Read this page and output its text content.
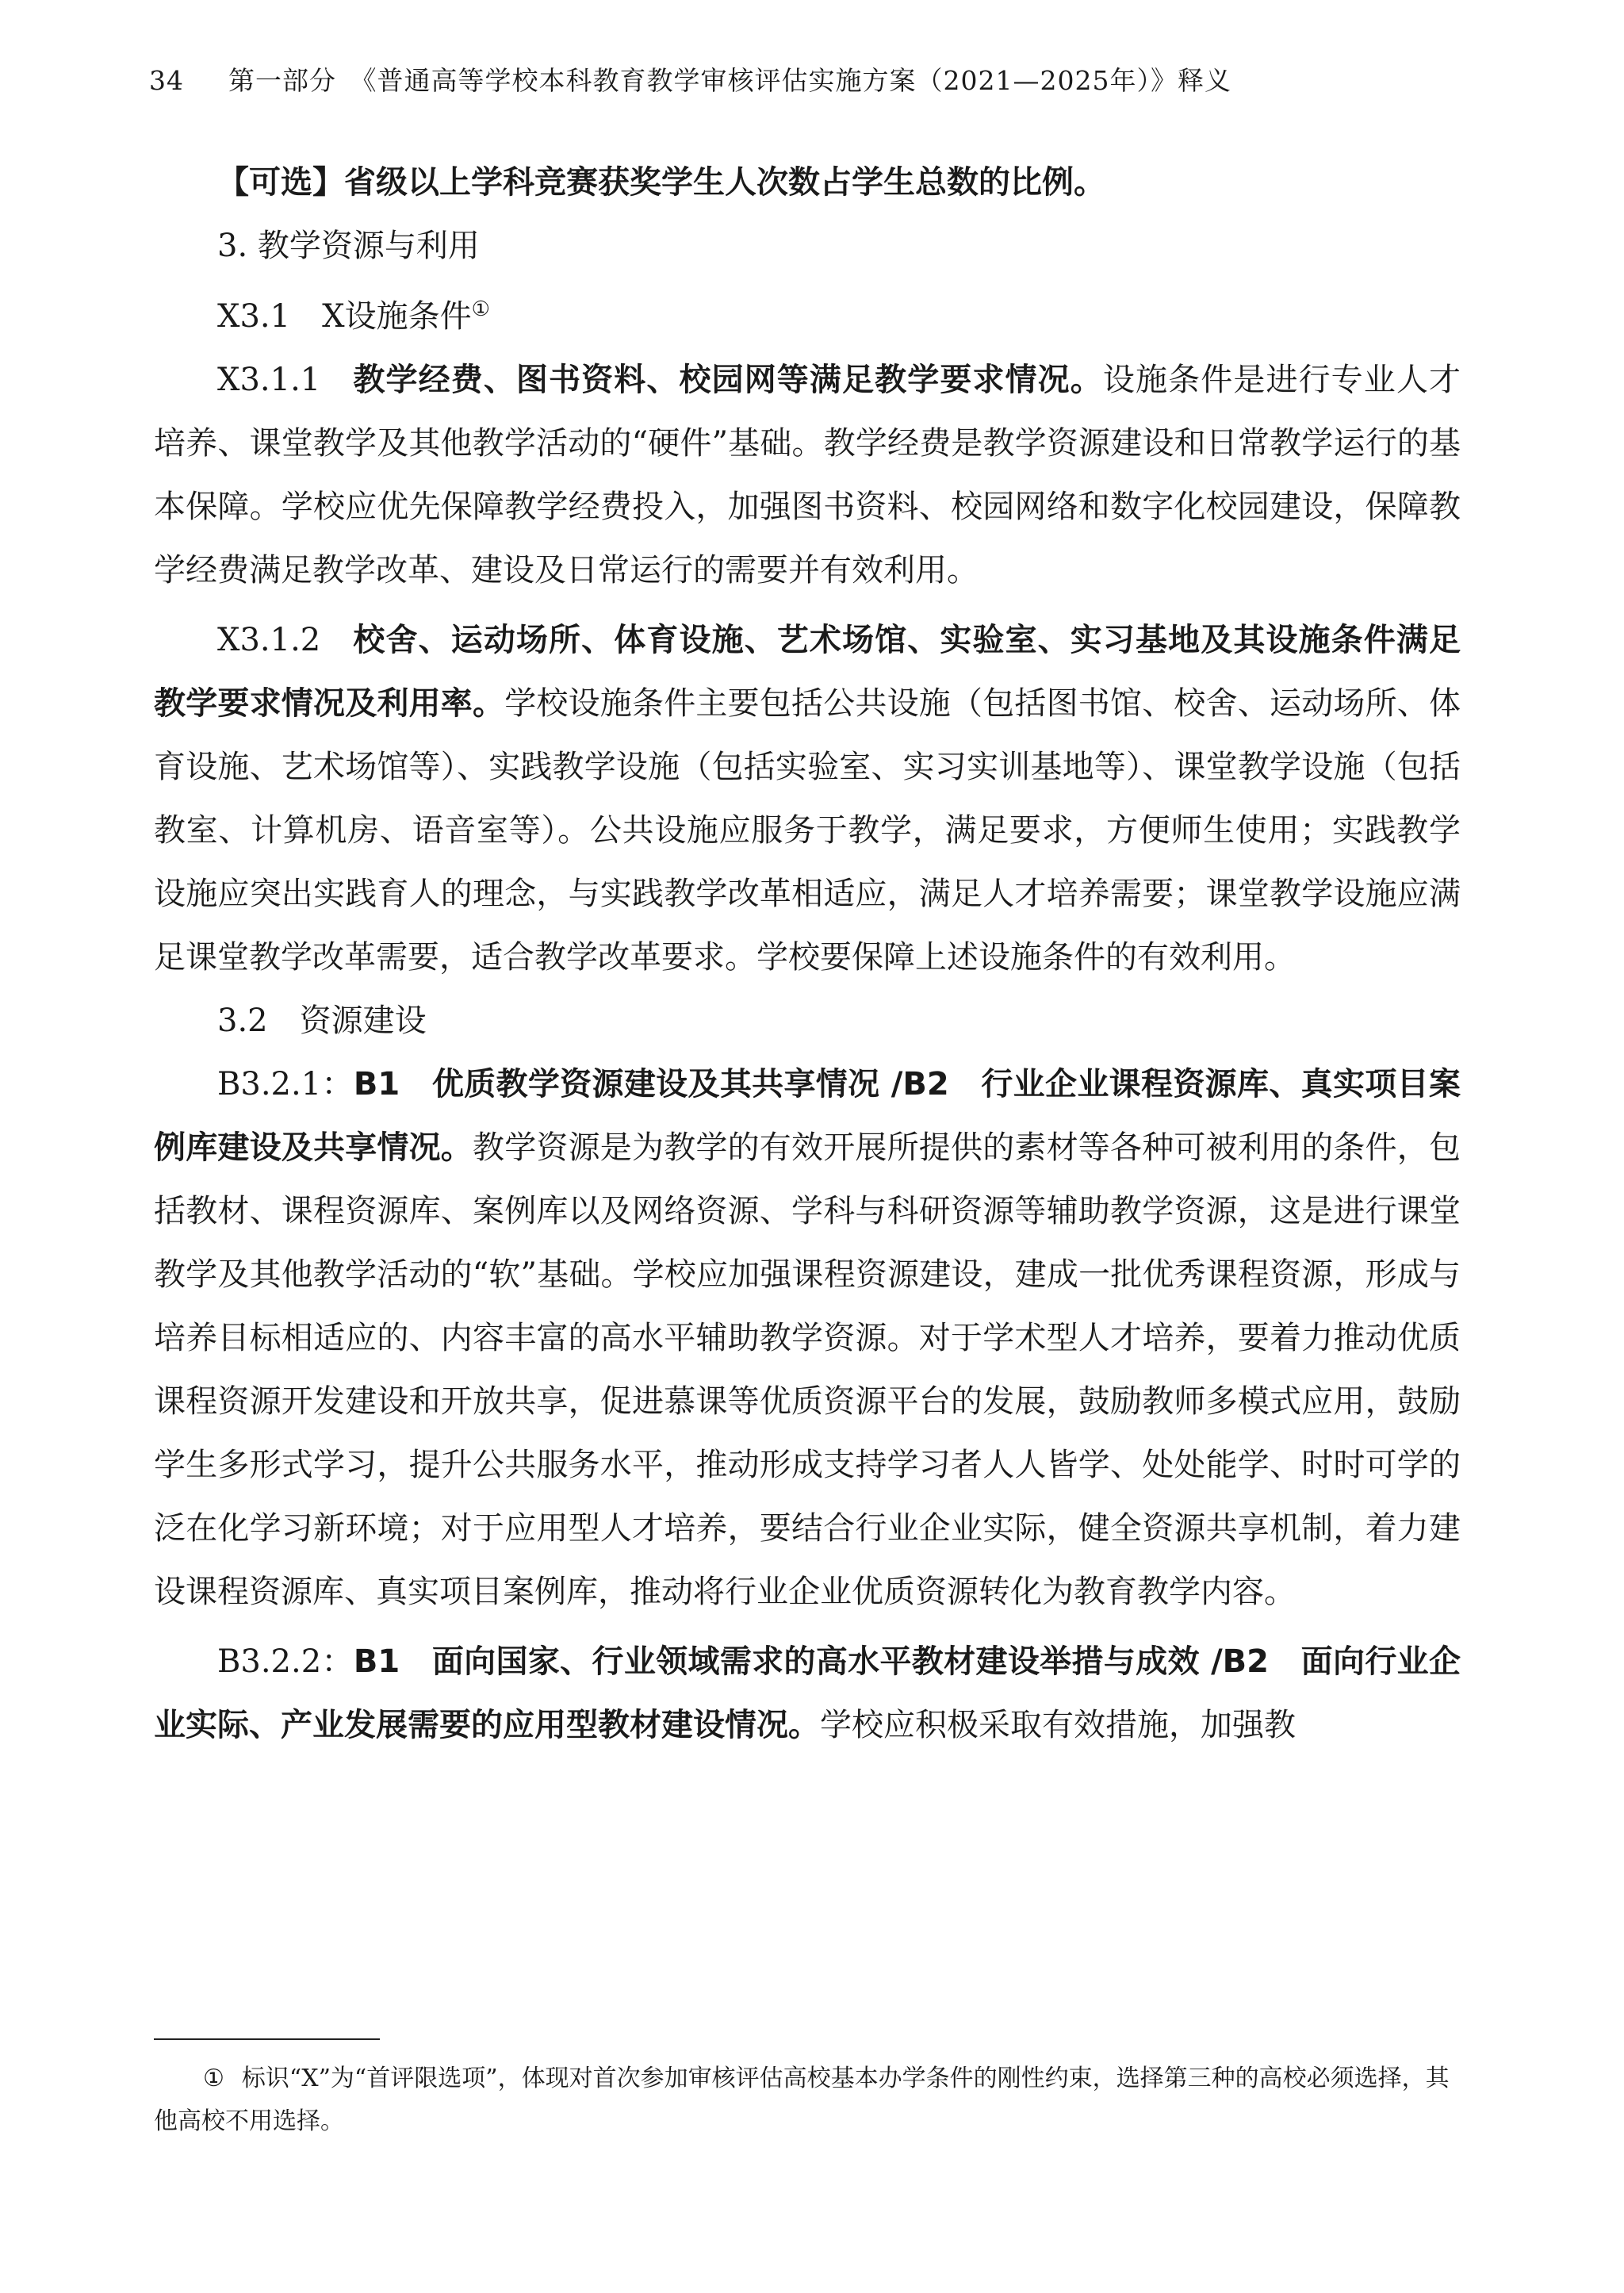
34 第一部分　《普通高等学校本科教育教学审核评估实施方案（2021—2025年）》释义

【可选】省级以上学科竞赛获奖学生人次数占学生总数的比例。

3. 教学资源与利用

X3.1  X设施条件①

X3.1.1  教学经费、图书资料、校园网等满足教学要求情况。设施条件是进行专业人才培养、课堂教学及其他教学活动的“硬件”基础。教学经费是教学资源建设和日常教学运行的基本保障。学校应优先保障教学经费投入，加强图书资料、校园网络和数字化校园建设，保障教学经费满足教学改革、建设及日常运行的需要并有效利用。

X3.1.2  校舍、运动场所、体育设施、艺术场馆、实验室、实习基地及其设施条件满足教学要求情况及利用率。学校设施条件主要包括公共设施（包括图书馆、校舍、运动场所、体育设施、艺术场馆等）、实践教学设施（包括实验室、实习实训基地等）、课堂教学设施（包括教室、计算机房、语音室等）。公共设施应服务于教学，满足要求，方便师生使用；实践教学设施应突出实践育人的理念，与实践教学改革相适应，满足人才培养需要；课堂教学设施应满足课堂教学改革需要，适合教学改革要求。学校要保障上述设施条件的有效利用。

3.2  资源建设

B3.2.1：B1　优质教学资源建设及其共享情况 /B2　行业企业课程资源库、真实项目案例库建设及共享情况。教学资源是为教学的有效开展所提供的素材等各种可被利用的条件，包括教材、课程资源库、案例库以及网络资源、学科与科研资源等辅助教学资源，这是进行课堂教学及其他教学活动的“软”基础。学校应加强课程资源建设，建成一批优秀课程资源，形成与培养目标相适应的、内容丰富的高水平辅助教学资源。对于学术型人才培养，要着力推动优质课程资源开发建设和开放共享，促进慕课等优质资源平台的发展，鼓励教师多模式应用，鼓励学生多形式学习，提升公共服务水平，推动形成支持学习者人人皆学、处处能学、时时可学的泛在化学习新环境；对于应用型人才培养，要结合行业企业实际，健全资源共享机制，着力建设课程资源库、真实项目案例库，推动将行业企业优质资源转化为教育教学内容。

B3.2.2：B1　面向国家、行业领域需求的高水平教材建设举措与成效 /B2　面向行业企业实际、产业发展需要的应用型教材建设情况。学校应积极采取有效措施，加强教

① 标识“X”为“首评限选项”，体现对首次参加审核评估高校基本办学条件的刚性约束，选择第三种的高校必须选择，其他高校不用选择。
